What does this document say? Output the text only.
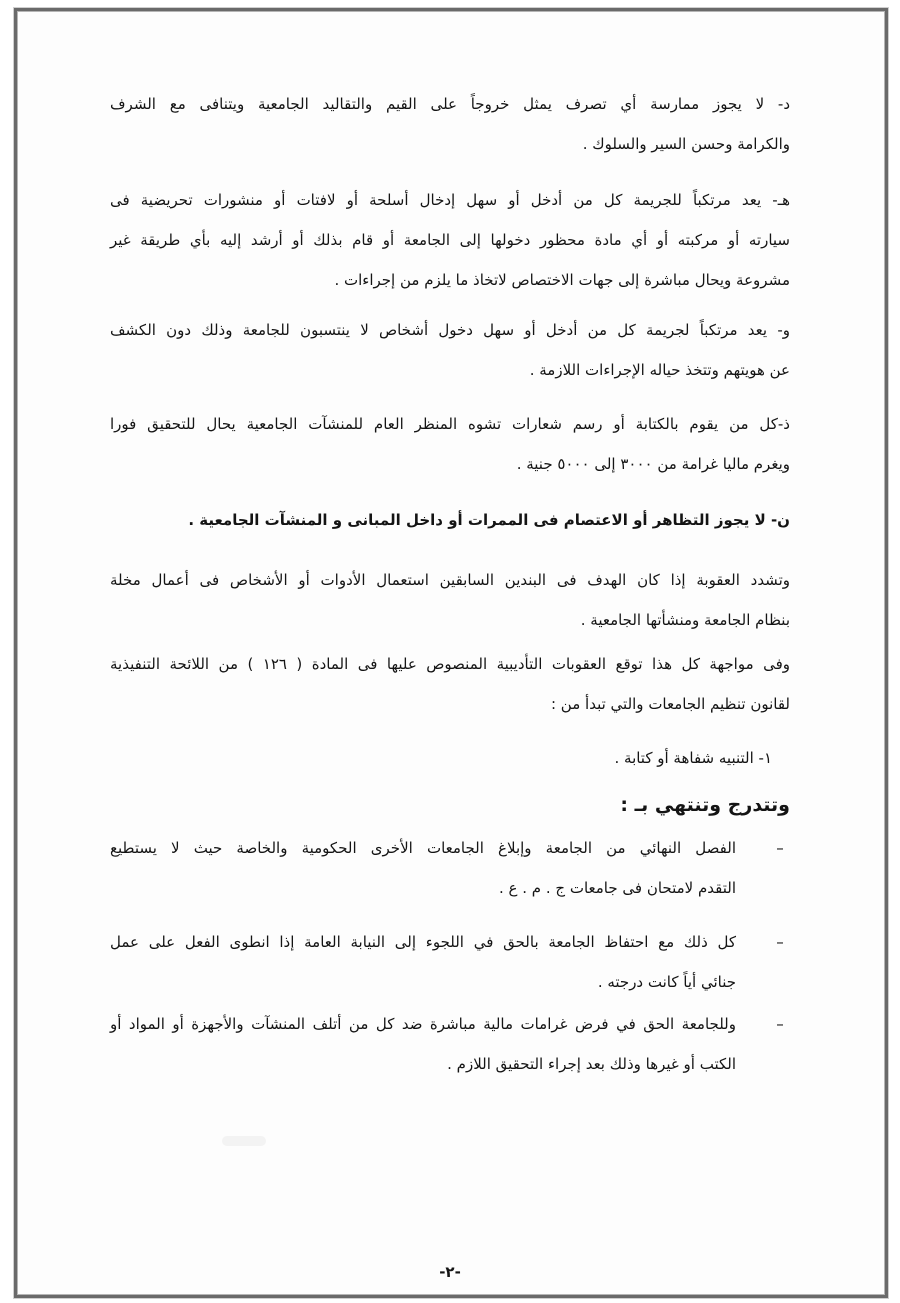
د- لا يجوز ممارسة أي تصرف يمثل خروجاً على القيم والتقاليد الجامعية ويتنافى مع الشرف
والكرامة وحسن السير والسلوك .
هـ- يعد مرتكباً للجريمة كل من أدخل أو سهل إدخال أسلحة أو لافتات أو منشورات تحريضية فى
سيارته أو مركبته أو أي مادة محظور دخولها إلى الجامعة أو قام بذلك أو أرشد إليه بأي طريقة غير
مشروعة ويحال مباشرة إلى جهات الاختصاص لاتخاذ ما يلزم من إجراءات .
و- يعد مرتكباً لجريمة كل من أدخل أو سهل دخول أشخاص لا ينتسبون للجامعة وذلك دون الكشف
عن هويتهم وتتخذ حياله الإجراءات اللازمة .
ذ-كل من يقوم بالكتابة أو رسم شعارات تشوه المنظر العام للمنشآت الجامعية يحال للتحقيق فورا
ويغرم ماليا غرامة من ٣٠٠٠ إلى ٥٠٠٠ جنية .
ن- لا يجوز التظاهر أو الاعتصام فى الممرات أو داخل المبانى و المنشآت الجامعية .
وتشدد العقوبة إذا كان الهدف فى البندين السابقين استعمال الأدوات أو الأشخاص فى أعمال مخلة
بنظام الجامعة ومنشأتها الجامعية .
وفى مواجهة كل هذا توقع العقوبات التأديبية المنصوص عليها فى المادة ( ١٢٦ ) من اللائحة التنفيذية
لقانون تنظيم الجامعات والتي تبدأ من :
١- التنبيه شفاهة أو كتابة .
وتتدرج وتنتهي بـ :
–
الفصل النهائي من الجامعة وإبلاغ الجامعات الأخرى الحكومية والخاصة حيث لا يستطيع
التقدم لامتحان فى جامعات ج . م . ع .
–
كل ذلك مع احتفاظ الجامعة بالحق في اللجوء إلى النيابة العامة إذا انطوى الفعل على عمل
جنائي أياً كانت درجته .
–
وللجامعة الحق في فرض غرامات مالية مباشرة ضد كل من أتلف المنشآت والأجهزة أو المواد أو
الكتب أو غيرها وذلك بعد إجراء التحقيق اللازم .
-٢-
